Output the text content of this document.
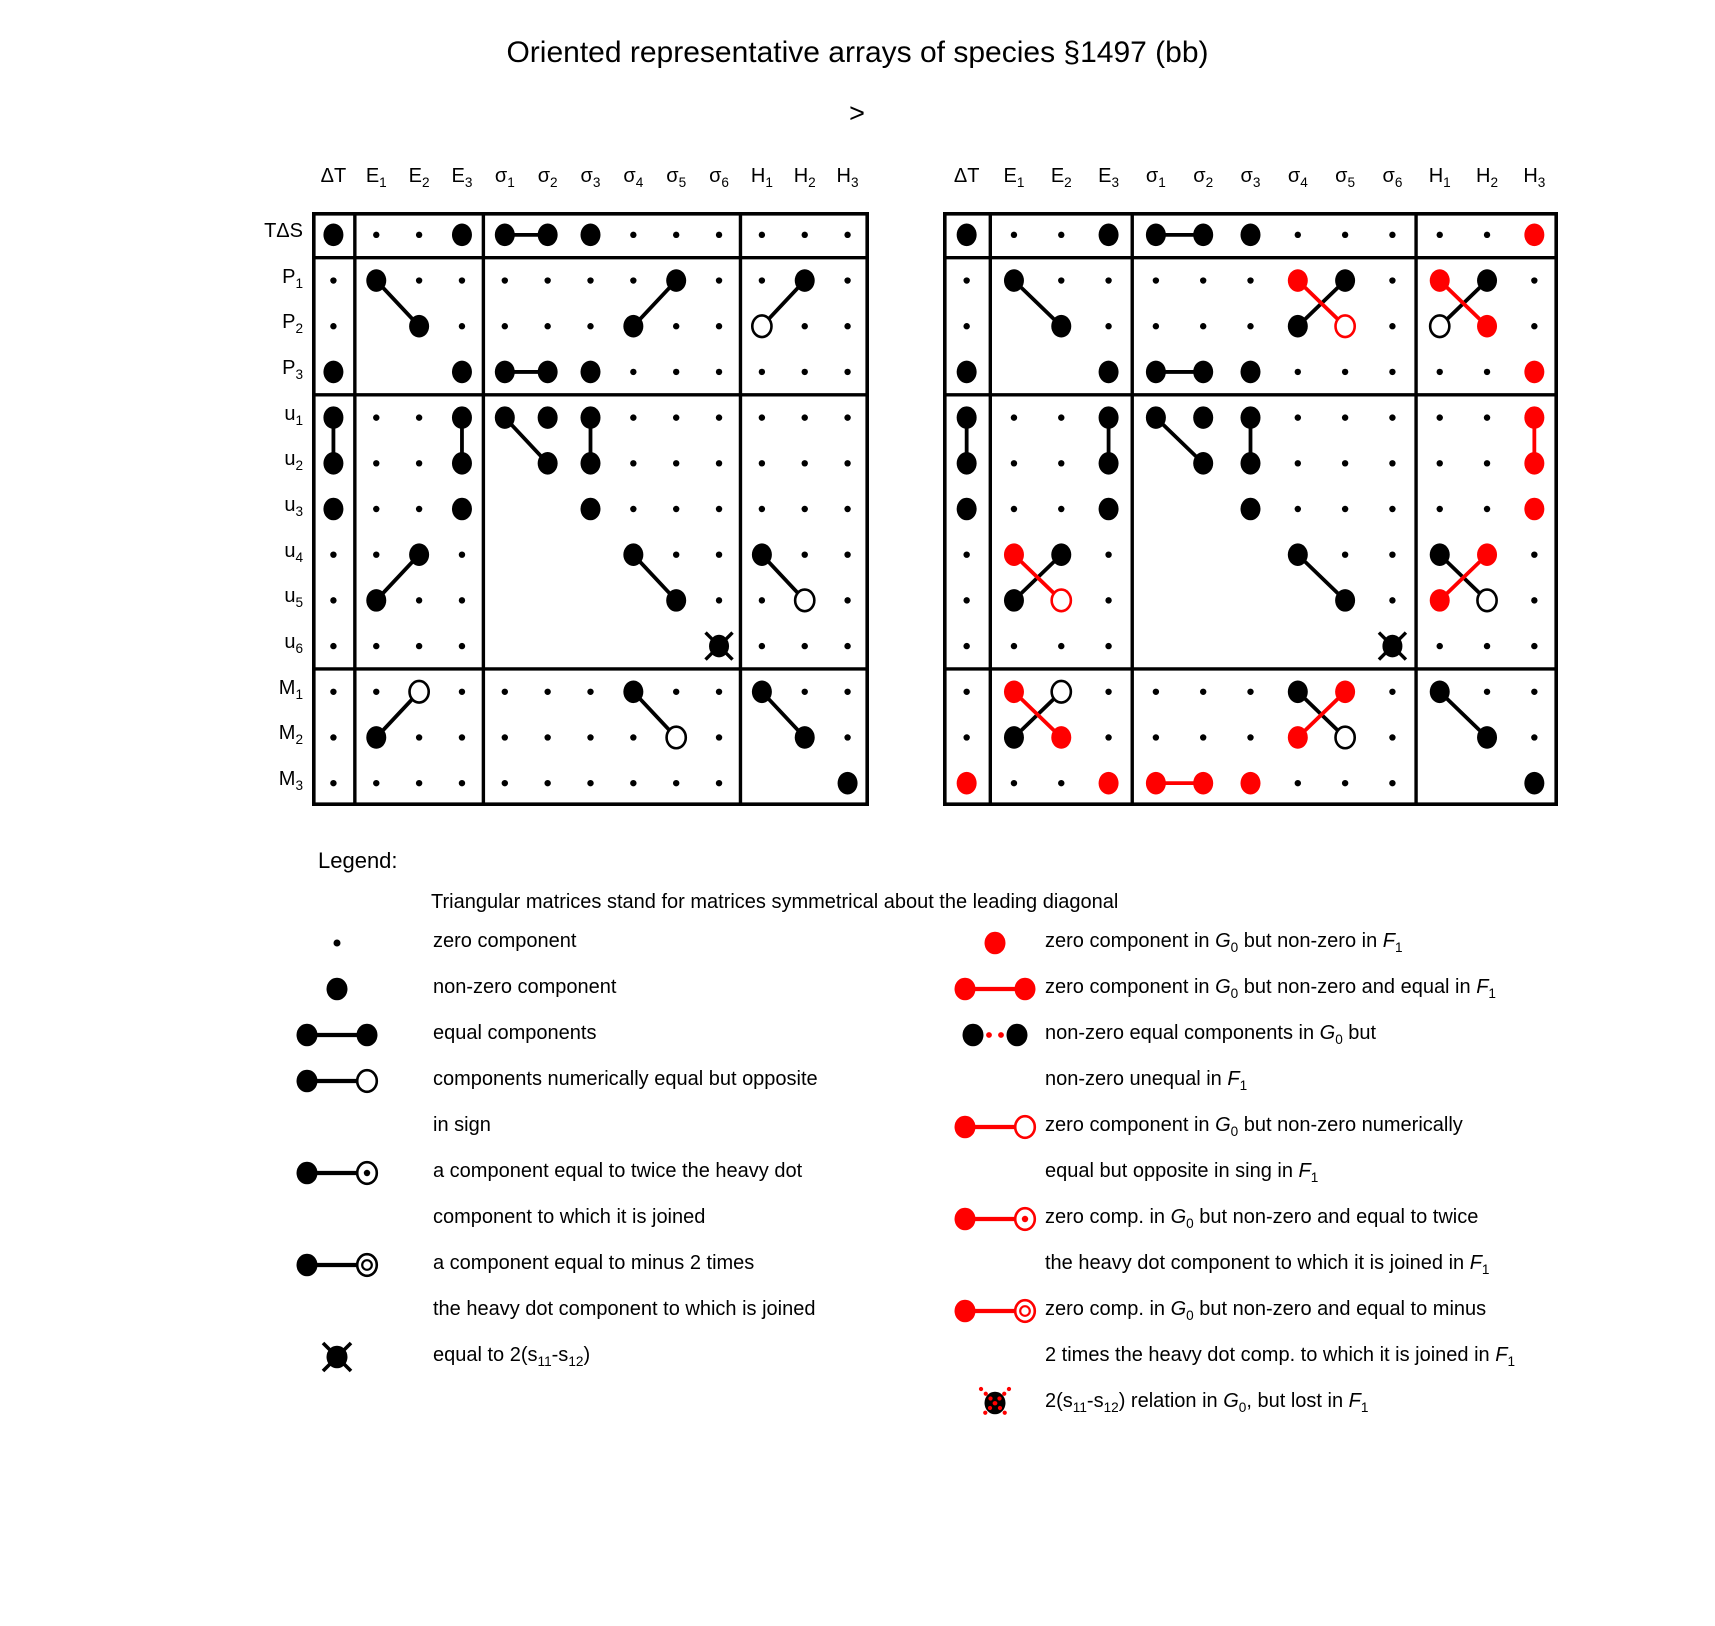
Oriented representative arrays of species §1497 (bb)
>
Legend:
Triangular matrices stand for matrices symmetrical about the leading diagonal
ΔT $E_1$ $E_2$ $E_3$ $\sigma_1$ $\sigma_2$ $\sigma_3$ $\sigma_4$ $\sigma_5$ $\sigma_6$ $H_1$ $H_2$ $H_3$
TΔS
$P_1$
$P_2$
$P_3$
$u_1$
$u_2$
$u_3$
$u_4$
$u_5$
$u_6$
$M_1$
$M_2$
$M_3$
ΔT $E_1$ $E_2$ $E_3$ $\sigma_1$ $\sigma_2$ $\sigma_3$ $\sigma_4$ $\sigma_5$ $\sigma_6$ $H_1$ $H_2$ $H_3$
zero component
non-zero component
equal components
components numerically equal but opposite
in sign
a component equal to twice the heavy dot
component to which it is joined
a component equal to minus 2 times
the heavy dot component to which is joined
equal to $2(s_{11}-s_{12})$
zero component in $G_0$ but non-zero in $F_1$
zero component in $G_0$ but non-zero and equal in $F_1$
non-zero equal components in $G_0$ but
non-zero unequal in $F_1$
zero component in $G_0$ but non-zero numerically
equal but opposite in sing in $F_1$
zero comp. in $G_0$ but non-zero and equal to twice
the heavy dot component to which it is joined in $F_1$
zero comp. in $G_0$ but non-zero and equal to minus
2 times the heavy dot comp. to which it is joined in $F_1$
$2(s_{11}-s_{12})$ relation in $G_0$, but lost in $F_1$
